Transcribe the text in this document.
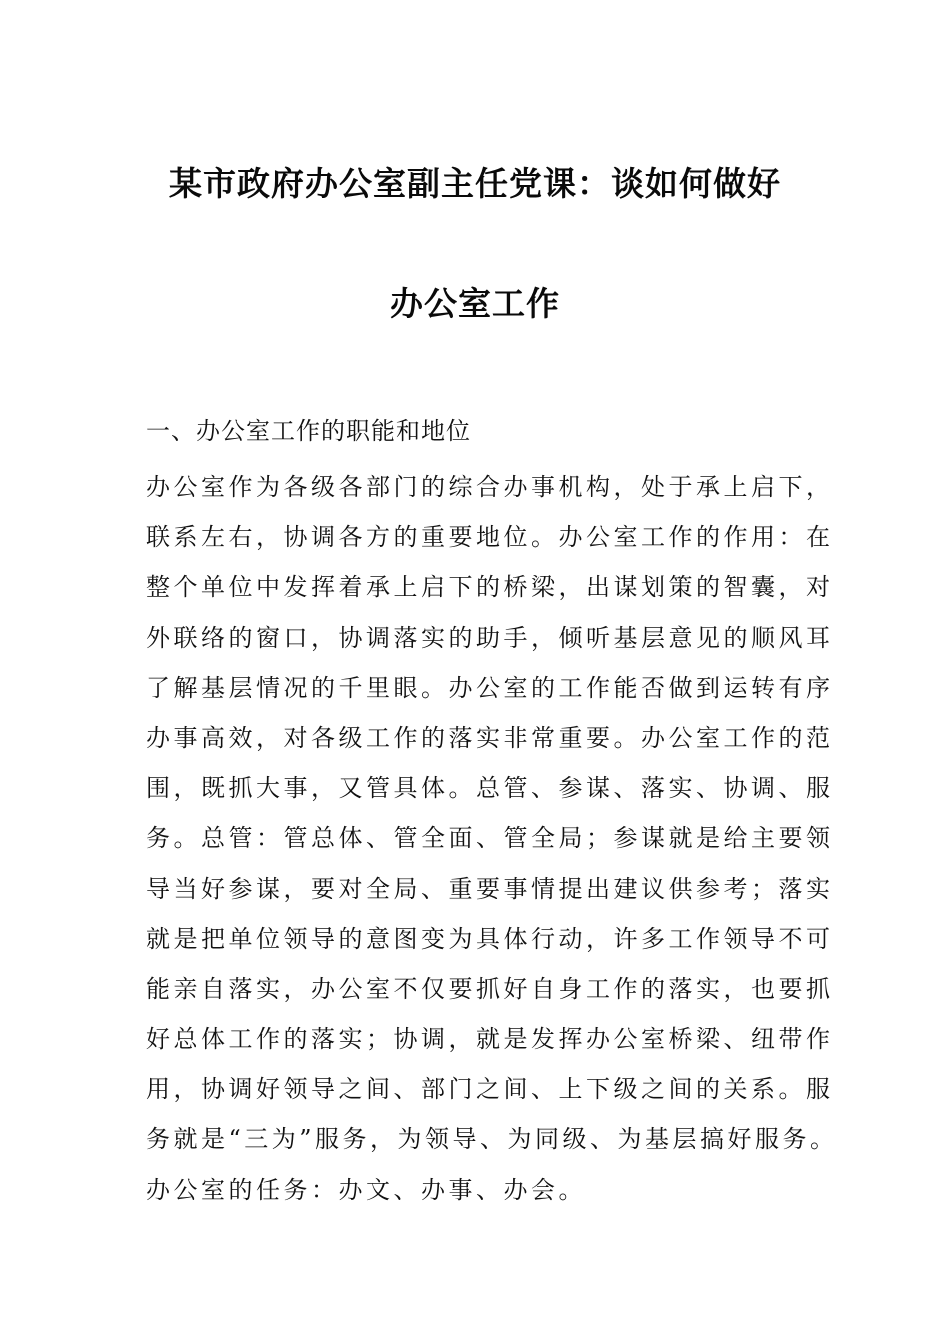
某市政府办公室副主任党课：谈如何做好
办公室工作
一、办公室工作的职能和地位
办公室作为各级各部门的综合办事机构，处于承上启下，
联系左右，协调各方的重要地位。办公室工作的作用：在
整个单位中发挥着承上启下的桥梁，出谋划策的智囊，对
外联络的窗口，协调落实的助手，倾听基层意见的顺风耳
了解基层情况的千里眼。办公室的工作能否做到运转有序
办事高效，对各级工作的落实非常重要。办公室工作的范
围，既抓大事，又管具体。总管、参谋、落实、协调、服
务。总管：管总体、管全面、管全局；参谋就是给主要领
导当好参谋，要对全局、重要事情提出建议供参考；落实
就是把单位领导的意图变为具体行动，许多工作领导不可
能亲自落实，办公室不仅要抓好自身工作的落实，也要抓
好总体工作的落实；协调，就是发挥办公室桥梁、纽带作
用，协调好领导之间、部门之间、上下级之间的关系。服
务就是“三为”服务，为领导、为同级、为基层搞好服务。
办公室的任务：办文、办事、办会。
